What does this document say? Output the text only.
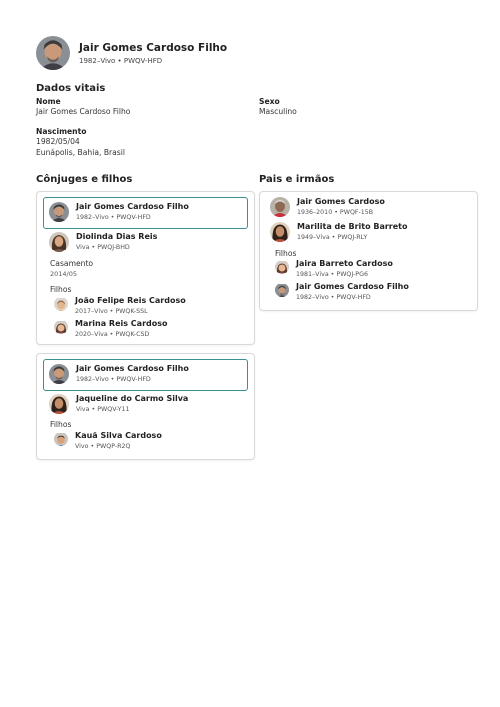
Jair Gomes Cardoso Filho
1982–Vivo • PWQV-HFD
Dados vitais
Nome
Jair Gomes Cardoso Filho
Sexo
Masculino
Nascimento
1982/05/04
Eunápolis, Bahia, Brasil
Cônjuges e filhos	Pais e irmãos
Jair Gomes Cardoso Filho
1982–Vivo • PWQV-HFD
Diolinda Dias Reis
Viva • PWQJ-BHD
Casamento
2014/05
Filhos
João Felipe Reis Cardoso
2017–Vivo • PWQK-SSL
Marina Reis Cardoso
2020–Viva • PWQK-CSD
Jair Gomes Cardoso Filho
1982–Vivo • PWQV-HFD
Jaqueline do Carmo Silva
Viva • PWQV-Y11
Filhos
Kauã Silva Cardoso
Vivo • PWQP-R2Q
Jair Gomes Cardoso
1936–2010 • PWQF-15B
Marilita de Brito Barreto
1949–Viva • PWQJ-RLY
Filhos
Jaira Barreto Cardoso
1981–Viva • PWQJ-PG6
Jair Gomes Cardoso Filho
1982–Vivo • PWQV-HFD
